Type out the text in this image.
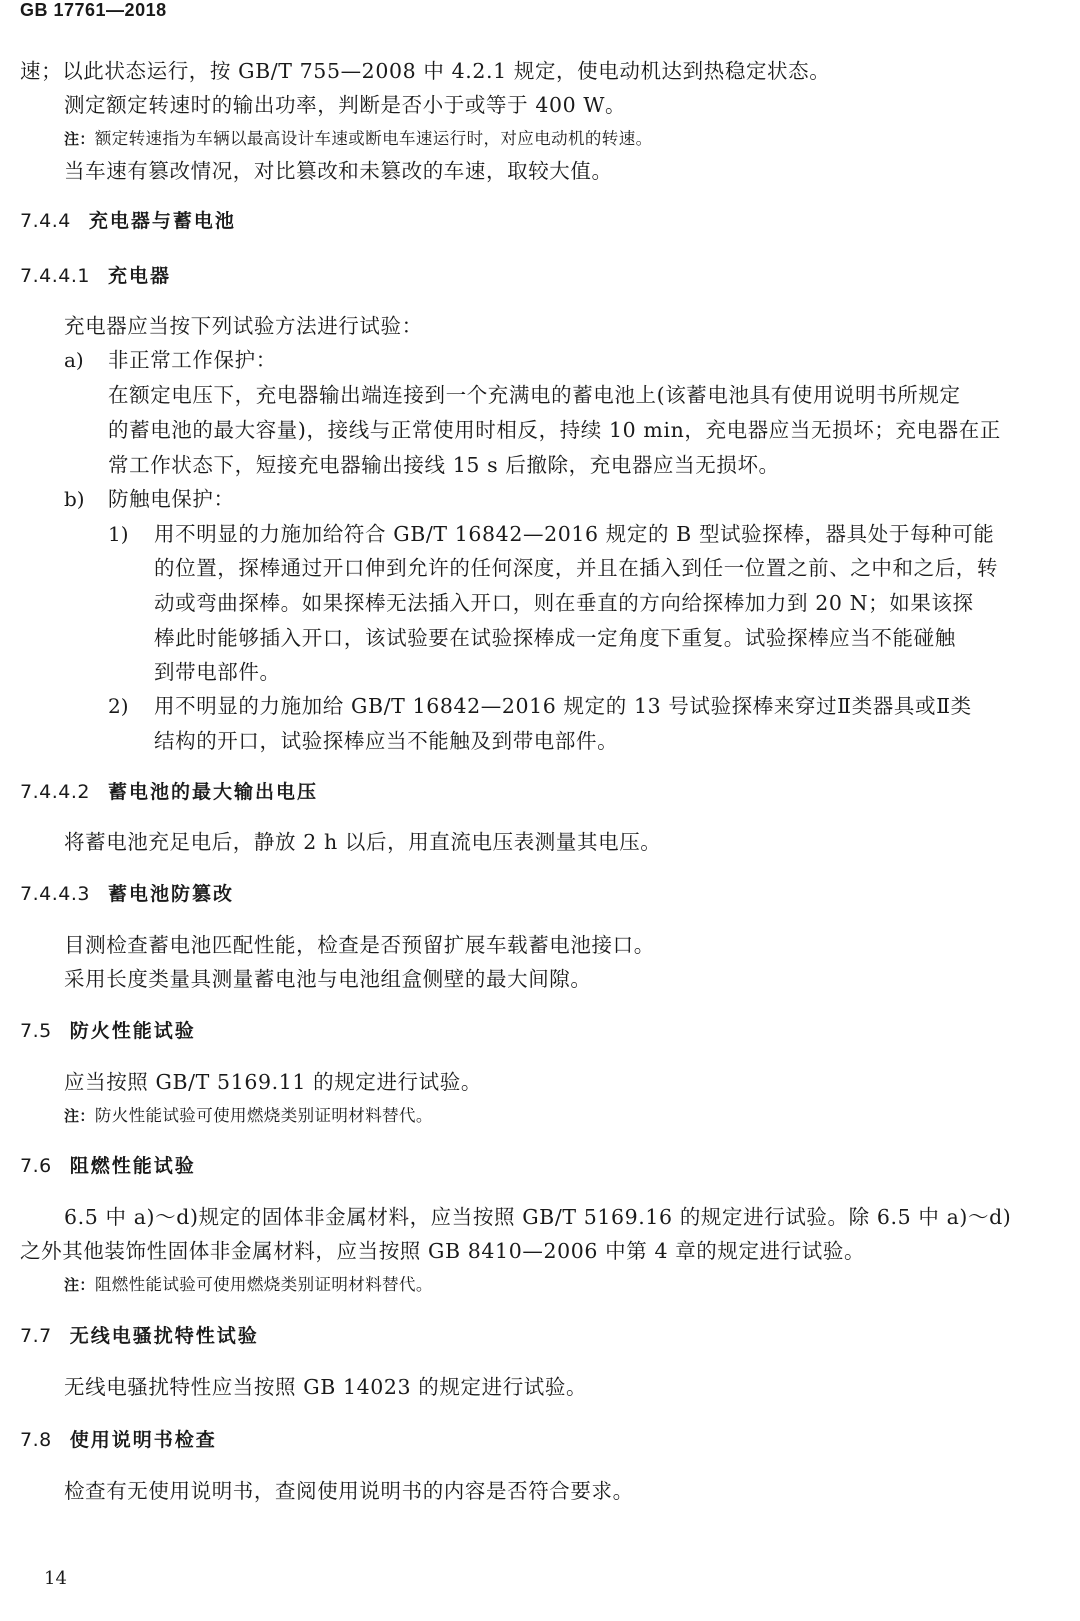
GB 17761—2018
速；以此状态运行，按 GB/T 755—2008 中 4.2.1 规定，使电动机达到热稳定状态。
测定额定转速时的输出功率，判断是否小于或等于 400 W。
注：额定转速指为车辆以最高设计车速或断电车速运行时，对应电动机的转速。
当车速有篡改情况，对比篡改和未篡改的车速，取较大值。
7.4.4 充电器与蓄电池
7.4.4.1 充电器
充电器应当按下列试验方法进行试验：
a) 非正常工作保护：
在额定电压下，充电器输出端连接到一个充满电的蓄电池上(该蓄电池具有使用说明书所规定
的蓄电池的最大容量)，接线与正常使用时相反，持续 10 min，充电器应当无损坏；充电器在正
常工作状态下，短接充电器输出接线 15 s 后撤除，充电器应当无损坏。
b) 防触电保护：
1) 用不明显的力施加给符合 GB/T 16842—2016 规定的 B 型试验探棒，器具处于每种可能
的位置，探棒通过开口伸到允许的任何深度，并且在插入到任一位置之前、之中和之后，转
动或弯曲探棒。如果探棒无法插入开口，则在垂直的方向给探棒加力到 20 N；如果该探
棒此时能够插入开口，该试验要在试验探棒成一定角度下重复。试验探棒应当不能碰触
到带电部件。
2) 用不明显的力施加给 GB/T 16842—2016 规定的 13 号试验探棒来穿过Ⅱ类器具或Ⅱ类
结构的开口，试验探棒应当不能触及到带电部件。
7.4.4.2 蓄电池的最大输出电压
将蓄电池充足电后，静放 2 h 以后，用直流电压表测量其电压。
7.4.4.3 蓄电池防篡改
目测检查蓄电池匹配性能，检查是否预留扩展车载蓄电池接口。
采用长度类量具测量蓄电池与电池组盒侧壁的最大间隙。
7.5 防火性能试验
应当按照 GB/T 5169.11 的规定进行试验。
注：防火性能试验可使用燃烧类别证明材料替代。
7.6 阻燃性能试验
6.5 中 a)～d)规定的固体非金属材料，应当按照 GB/T 5169.16 的规定进行试验。除 6.5 中 a)～d)
之外其他装饰性固体非金属材料，应当按照 GB 8410—2006 中第 4 章的规定进行试验。
注：阻燃性能试验可使用燃烧类别证明材料替代。
7.7 无线电骚扰特性试验
无线电骚扰特性应当按照 GB 14023 的规定进行试验。
7.8 使用说明书检查
检查有无使用说明书，查阅使用说明书的内容是否符合要求。
14
